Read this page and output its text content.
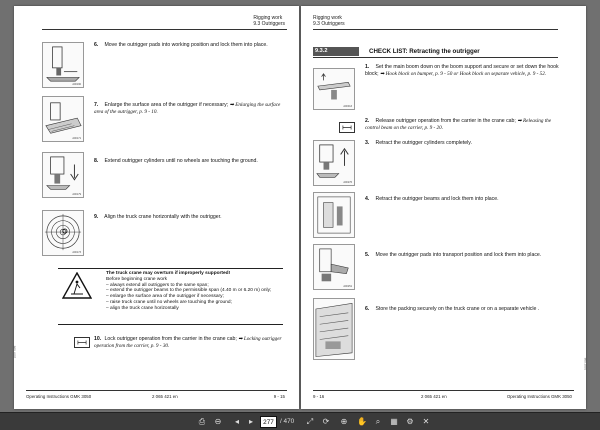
Rigging work
9.3 Outriggers
A00190
6. Move the outrigger pads into working position and lock them into place.
A00171
7. Enlarge the surface area of the outrigger if necessary; ➡ Enlarging the surface area of the outrigger, p. 9 - 10.
A00179
8. Extend outrigger cylinders until no wheels are touching the ground.
A00173
9. Align the truck crane horizontally with the outrigger.
The truck crane may overturn if improperly supported!
Before beginning crane work
– always extend all outriggers to the same span;
– extend the outrigger beams to the permissible span (4.40 m or 6.20 m) only;
– enlarge the surface area of the outrigger if necessary;
– raise truck crane until no wheels are touching the ground;
– align the truck crane horizontally
10. Lock outrigger operation from the carrier in the crane cab; ➡ Locking outrigger operation from the carrier, p. 9 - 30.
1007 098
Operating Instructions GMK 3050	2 065 421 en	9 - 15
Rigging work
9.3 Outriggers
9.3.2	CHECK LIST: Retracting the outrigger
A00013
1. Set the main boom down on the boom support and secure or set down the hook block; ➡ Hook block on bumper, p. 9 - 50 or Hook block on separate vehicle, p. 9 - 52.
2. Release outrigger operation from the carrier in the crane cab; ➡ Releasing the control beam on the carrier, p. 9 - 20.
A00276
3. Retract the outrigger cylinders completely.
4. Retract the outrigger beams and lock them into place.
A00251
5. Move the outrigger pads into transport position and lock them into place.
6. Store the packing securely on the truck crane or on a separate vehicle .
1007 098
9 - 16	2 065 421 en	Operating Instructions GMK 3050
⎙	⊖	◂	▸	277 / 470	⤢	⟳	⊕	✋	⌕	▦	⚙	✕
